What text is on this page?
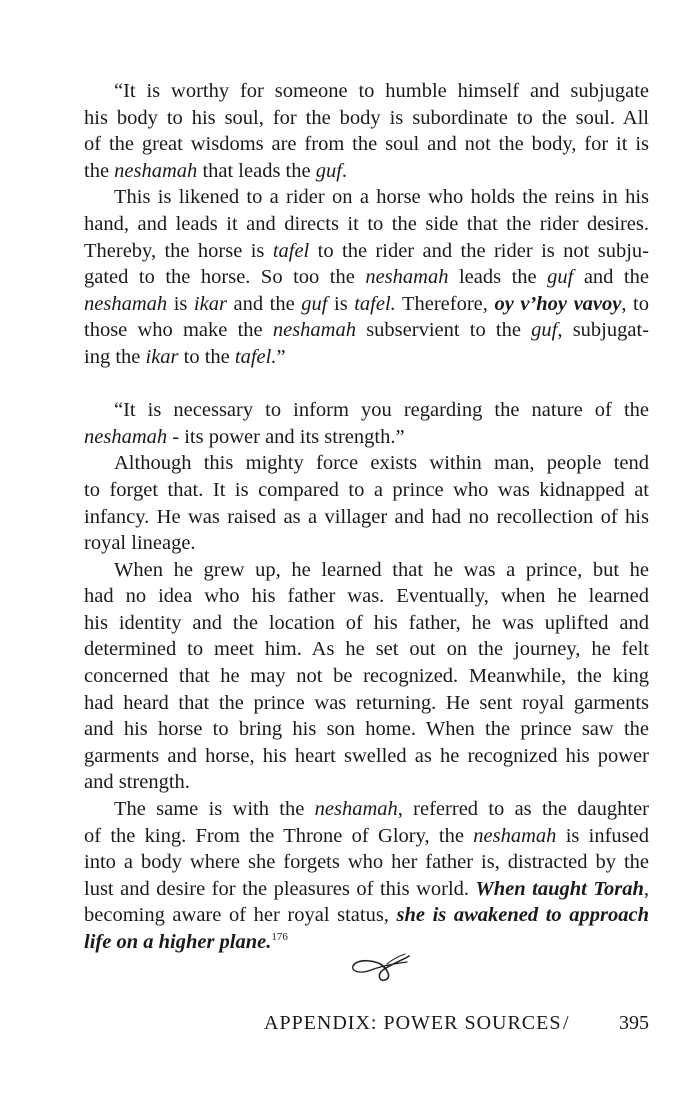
“It is worthy for someone to humble himself and subjugate
his body to his soul, for the body is subordinate to the soul. All
of the great wisdoms are from the soul and not the body, for it is
the neshamah that leads the guf.
This is likened to a rider on a horse who holds the reins in his
hand, and leads it and directs it to the side that the rider desires.
Thereby, the horse is tafel to the rider and the rider is not subju-
gated to the horse. So too the neshamah leads the guf and the
neshamah is ikar and the guf is tafel. Therefore, oy v’hoy vavoy, to
those who make the neshamah subservient to the guf, subjugat-
ing the ikar to the tafel.”
“It is necessary to inform you regarding the nature of the
neshamah - its power and its strength.”
Although this mighty force exists within man, people tend
to forget that. It is compared to a prince who was kidnapped at
infancy. He was raised as a villager and had no recollection of his
royal lineage.
When he grew up, he learned that he was a prince, but he
had no idea who his father was. Eventually, when he learned
his identity and the location of his father, he was uplifted and
determined to meet him. As he set out on the journey, he felt
concerned that he may not be recognized. Meanwhile, the king
had heard that the prince was returning. He sent royal garments
and his horse to bring his son home. When the prince saw the
garments and horse, his heart swelled as he recognized his power
and strength.
The same is with the neshamah, referred to as the daughter
of the king. From the Throne of Glory, the neshamah is infused
into a body where she forgets who her father is, distracted by the
lust and desire for the pleasures of this world. When taught Torah,
becoming aware of her royal status, she is awakened to approach
life on a higher plane.$^{176}$
APPENDIX: POWER SOURCES /	395
